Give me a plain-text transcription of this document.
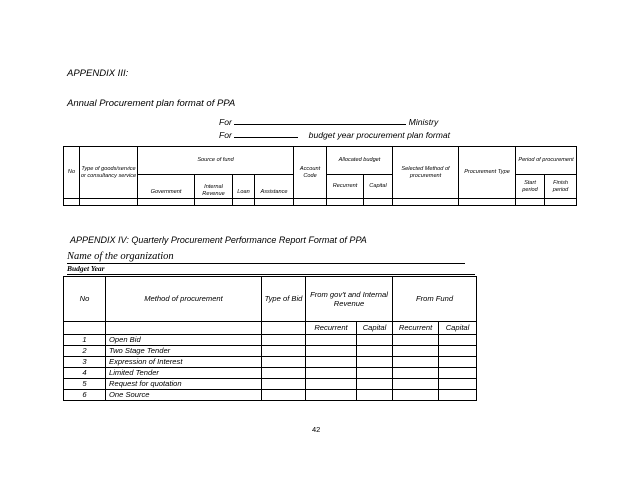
APPENDIX III:
Annual Procurement plan format of PPA
For	Ministry
For	budget year procurement plan format
No	Type of goods/service or consultancy service	Source of fund				Account Code	Allocated budget		Selected Method of procurement	Procurement Type	Period of procurement	
		Government	Internal Revenue	Loan	Assistance		Recurrent	Capital			Start period	Finish period

APPENDIX IV: Quarterly Procurement Performance Report Format of PPA
Name of the organization
Budget Year
No	Method of procurement	Type of Bid	From gov't and Internal Revenue		From Fund	
			Recurrent	Capital	Recurrent	Capital
1	Open Bid					
2	Two Stage Tender					
3	Expression of Interest					
4	Limited Tender					
5	Request for quotation					
6	One Source					
42
